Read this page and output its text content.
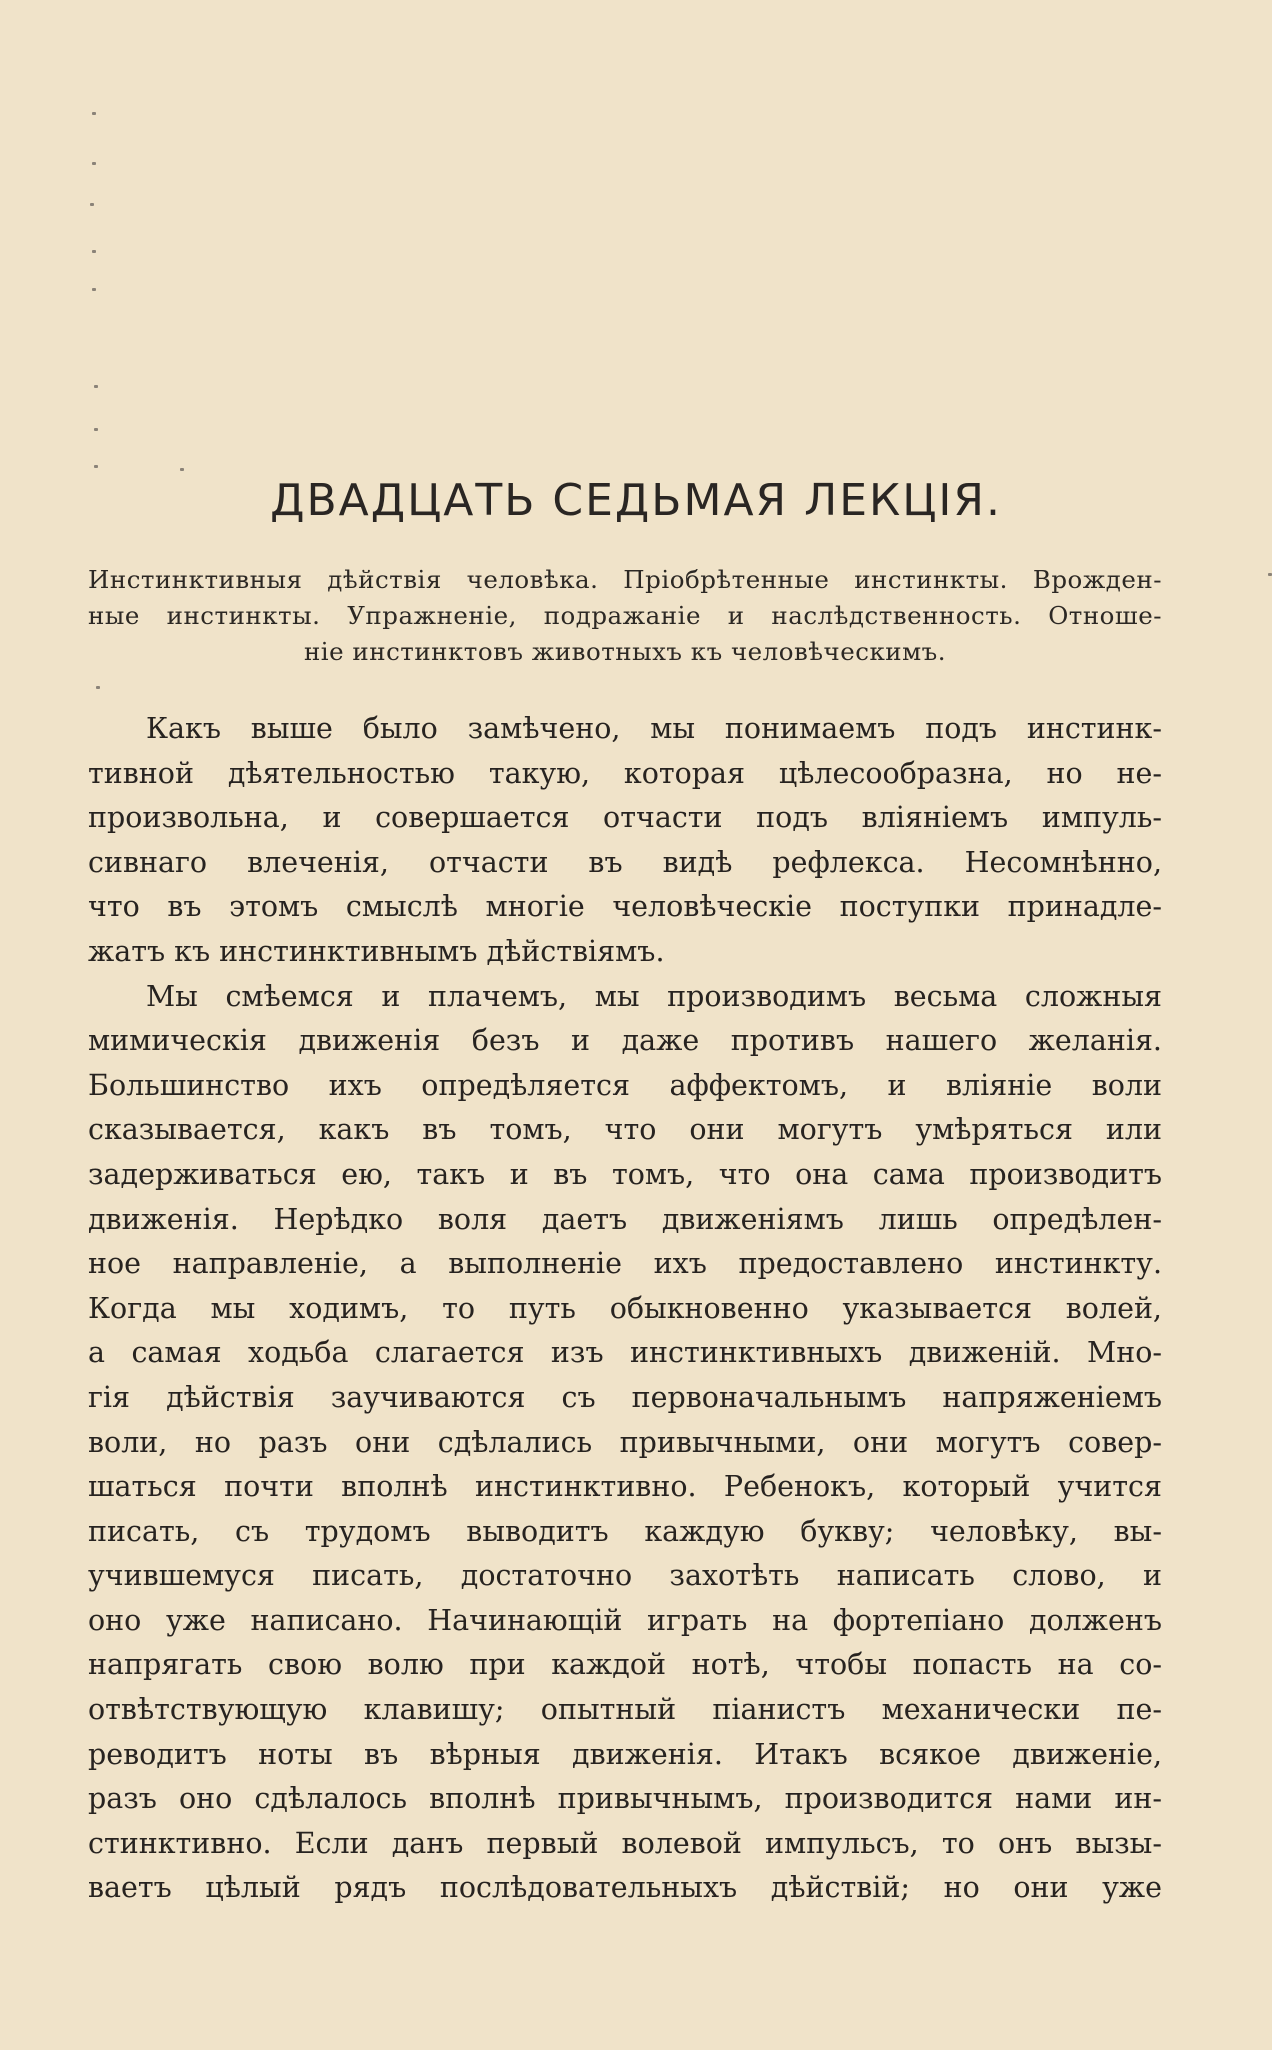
ДВАДЦАТЬ СЕДЬМАЯ ЛЕКЦІЯ.
Инстинктивныя дѣйствія человѣка. Пріобрѣтенные инстинкты. Врожден-
ные инстинкты. Упражненіе, подражаніе и наслѣдственность. Отноше-
ніе инстинктовъ животныхъ къ человѣческимъ.
Какъ выше было замѣчено, мы понимаемъ подъ инстинк-
тивной дѣятельностью такую, которая цѣлесообразна, но не-
произвольна, и совершается отчасти подъ вліяніемъ импуль-
сивнаго влеченія, отчасти въ видѣ рефлекса. Несомнѣнно,
что въ этомъ смыслѣ многіе человѣческіе поступки принадле-
жатъ къ инстинктивнымъ дѣйствіямъ.
Мы смѣемся и плачемъ, мы производимъ весьма сложныя
мимическія движенія безъ и даже противъ нашего желанія.
Большинство ихъ опредѣляется аффектомъ, и вліяніе воли
сказывается, какъ въ томъ, что они могутъ умѣряться или
задерживаться ею, такъ и въ томъ, что она сама производитъ
движенія. Нерѣдко воля даетъ движеніямъ лишь опредѣлен-
ное направленіе, а выполненіе ихъ предоставлено инстинкту.
Когда мы ходимъ, то путь обыкновенно указывается волей,
а самая ходьба слагается изъ инстинктивныхъ движеній. Мно-
гія дѣйствія заучиваются съ первоначальнымъ напряженіемъ
воли, но разъ они сдѣлались привычными, они могутъ совер-
шаться почти вполнѣ инстинктивно. Ребенокъ, который учится
писать, съ трудомъ выводитъ каждую букву; человѣку, вы-
учившемуся писать, достаточно захотѣть написать слово, и
оно уже написано. Начинающій играть на фортепіано долженъ
напрягать свою волю при каждой нотѣ, чтобы попасть на со-
отвѣтствующую клавишу; опытный піанистъ механически пе-
реводитъ ноты въ вѣрныя движенія. Итакъ всякое движеніе,
разъ оно сдѣлалось вполнѣ привычнымъ, производится нами ин-
стинктивно. Если данъ первый волевой импульсъ, то онъ вызы-
ваетъ цѣлый рядъ послѣдовательныхъ дѣйствій; но они уже
